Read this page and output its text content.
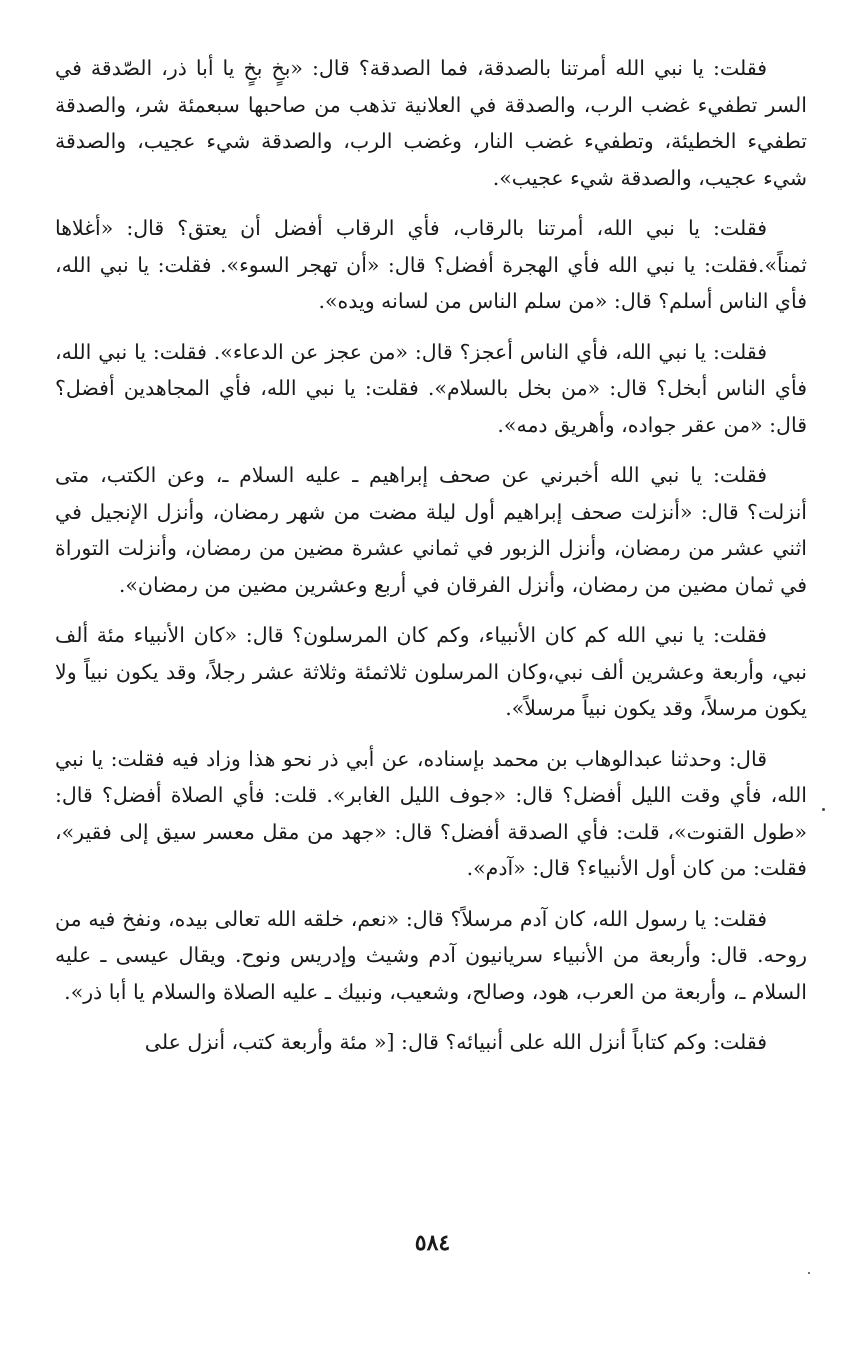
فقلت: يا نبي الله أمرتنا بالصدقة، فما الصدقة؟ قال: «بخٍ بخٍ يا أبا ذر، الصّدقة في السر تطفيء غضب الرب، والصدقة في العلانية تذهب من صاحبها سبعمئة شر، والصدقة تطفيء الخطيئة، وتطفيء غضب النار، وغضب الرب، والصدقة شيء عجيب، والصدقة شيء عجيب، والصدقة شيء عجيب».

فقلت: يا نبي الله، أمرتنا بالرقاب، فأي الرقاب أفضل أن يعتق؟ قال: «أغلاها ثمناً».فقلت: يا نبي الله فأي الهجرة أفضل؟ قال: «أن تهجر السوء». فقلت: يا نبي الله، فأي الناس أسلم؟ قال: «من سلم الناس من لسانه ويده».

فقلت: يا نبي الله، فأي الناس أعجز؟ قال: «من عجز عن الدعاء». فقلت: يا نبي الله، فأي الناس أبخل؟ قال: «من بخل بالسلام». فقلت: يا نبي الله، فأي المجاهدين أفضل؟ قال: «من عقر جواده، وأهريق دمه».

فقلت: يا نبي الله أخبرني عن صحف إبراهيم ـ عليه السلام ـ، وعن الكتب، متى أنزلت؟ قال: «أنزلت صحف إبراهيم أول ليلة مضت من شهر رمضان، وأنزل الإنجيل في اثني عشر من رمضان، وأنزل الزبور في ثماني عشرة مضين من رمضان، وأنزلت التوراة في ثمان مضين من رمضان، وأنزل الفرقان في أربع وعشرين مضين من رمضان».

فقلت: يا نبي الله كم كان الأنبياء، وكم كان المرسلون؟ قال: «كان الأنبياء مئة ألف نبي، وأربعة وعشرين ألف نبي،وكان المرسلون ثلاثمئة وثلاثة عشر رجلاً، وقد يكون نبياً ولا يكون مرسلاً، وقد يكون نبياً مرسلاً».

قال: وحدثنا عبدالوهاب بن محمد بإسناده، عن أبي ذر نحو هذا وزاد فيه فقلت: يا نبي الله، فأي وقت الليل أفضل؟ قال: «جوف الليل الغابر». قلت: فأي الصلاة أفضل؟ قال: «طول القنوت»، قلت: فأي الصدقة أفضل؟ قال: «جهد من مقل معسر سيق إلى فقير»، فقلت: من كان أول الأنبياء؟ قال: «آدم».

فقلت: يا رسول الله، كان آدم مرسلاً؟ قال: «نعم، خلقه الله تعالى بيده، ونفخ فيه من روحه. قال: وأربعة من الأنبياء سريانيون آدم وشيث وإدريس ونوح. ويقال عيسى ـ عليه السلام ـ، وأربعة من العرب، هود، وصالح، وشعيب، ونبيك ـ عليه الصلاة والسلام يا أبا ذر».

فقلت: وكم كتاباً أنزل الله على أنبيائه؟ قال: [« مئة وأربعة كتب، أنزل على

٥٨٤
